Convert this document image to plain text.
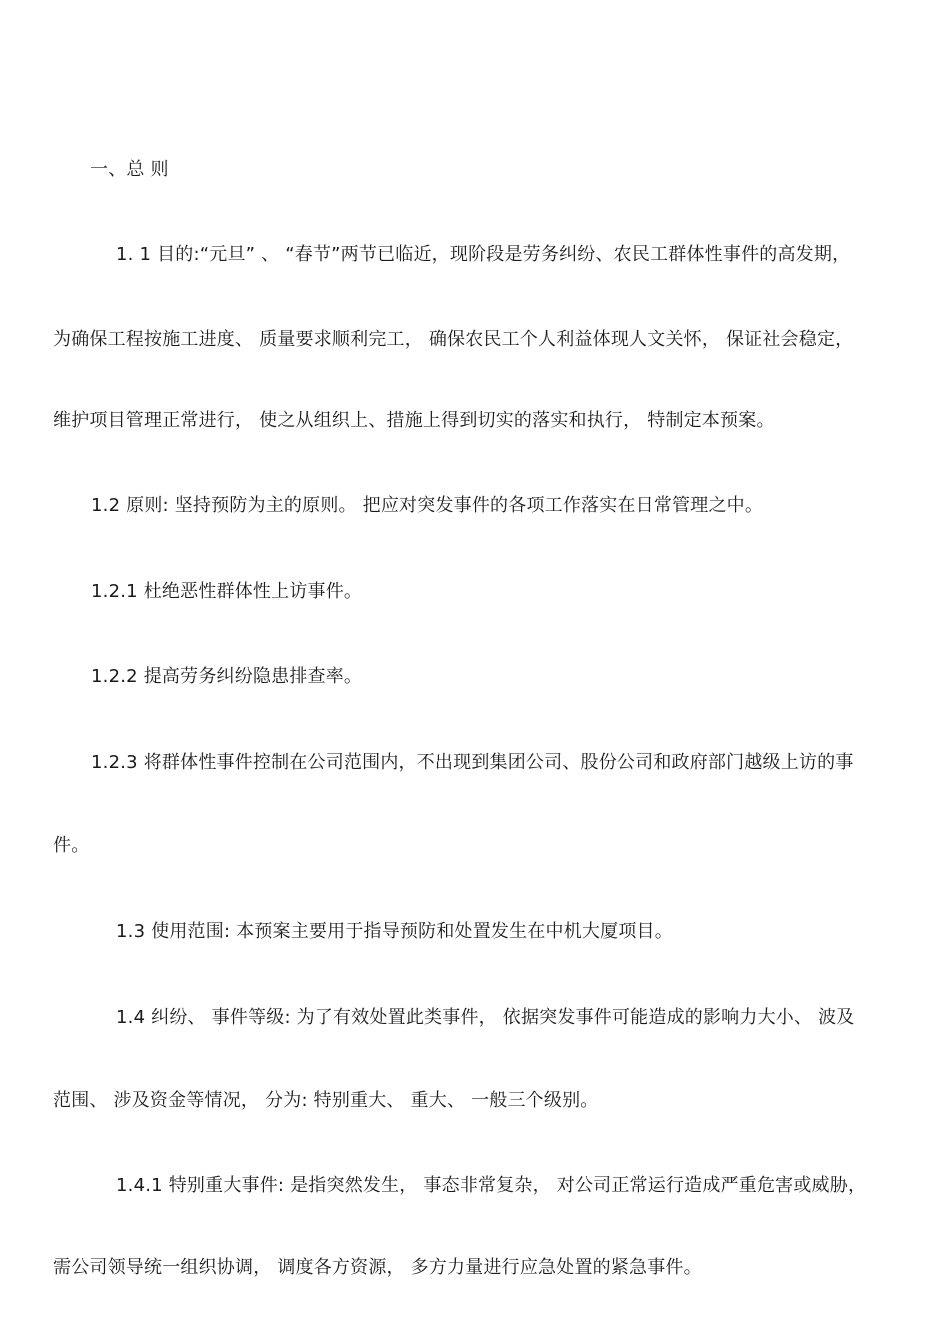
一、总 则
1. 1 目的:“元旦” 、 “春节”两节已临近，现阶段是劳务纠纷、农民工群体性事件的高发期，
为确保工程按施工进度、 质量要求顺利完工， 确保农民工个人利益体现人文关怀， 保证社会稳定，
维护项目管理正常进行， 使之从组织上、措施上得到切实的落实和执行， 特制定本预案。
1.2 原则: 坚持预防为主的原则。 把应对突发事件的各项工作落实在日常管理之中。
1.2.1 杜绝恶性群体性上访事件。
1.2.2 提高劳务纠纷隐患排查率。
1.2.3 将群体性事件控制在公司范围内，不出现到集团公司、股份公司和政府部门越级上访的事
件。
1.3 使用范围: 本预案主要用于指导预防和处置发生在中机大厦项目。
1.4 纠纷、 事件等级: 为了有效处置此类事件， 依据突发事件可能造成的影响力大小、 波及
范围、 涉及资金等情况， 分为: 特别重大、 重大、 一般三个级别。
1.4.1 特别重大事件: 是指突然发生， 事态非常复杂， 对公司正常运行造成严重危害或威胁，
需公司领导统一组织协调， 调度各方资源， 多方力量进行应急处置的紧急事件。
